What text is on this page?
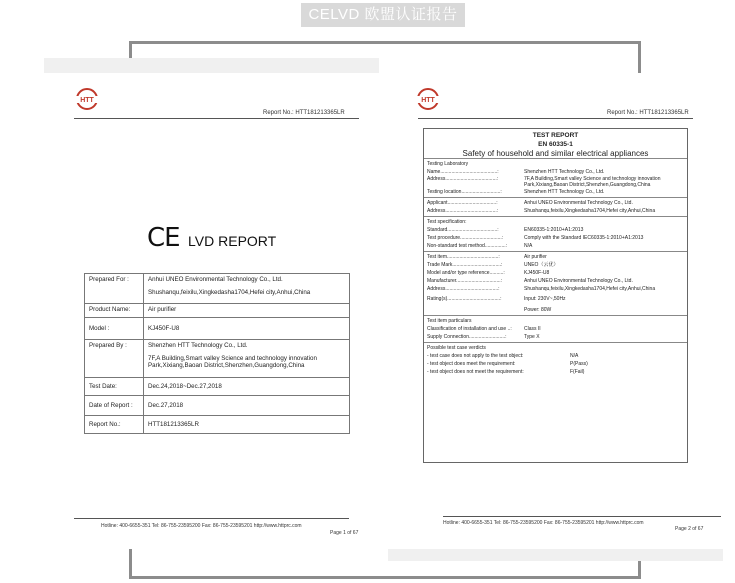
CELVD 欧盟认证报告
HTT
Report No.: HTT181213365LR
CE LVD REPORT
Prepared For :	Anhui UNEO Environmental Technology Co., Ltd.
Shushanqu,feixilu,Xingkedasha1704,Hefei city,Anhui,China

Product Name:	Air purifier
Model :	KJ450F-U8
Prepared By :	Shenzhen HTT Technology Co., Ltd.
7F,A Building,Smart valley Science and technology innovation Park,Xixiang,Baoan District,Shenzhen,Guangdong,China

Test Date:	Dec.24,2018~Dec.27,2018
Date of Report :	Dec.27,2018
Report No.:	HTT181213365LR
Hotline: 400-6655-351 Tel: 86-755-23595200 Fax: 86-755-23595201 http://www.httprc.com
Page 1 of 67
HTT
Report No.: HTT181213365LR
TEST REPORT
EN 60335-1
Safety of household and similar electrical appliances
Testing Laboratory
Name.........................................:	Shenzhen HTT Technology Co., Ltd.
Address.....................................:	7F,A Building,Smart valley Science and technology innovation Park,Xixiang,Baoan District,Shenzhen,Guangdong,China
Testing location............................:	Shenzhen HTT Technology Co., Ltd.
Applicant...................................:	Anhui UNEO Environmental Technology Co., Ltd.
Address.....................................:	Shushanqu,feixilu,Xingkedasha1704,Hefei city,Anhui,China
Test specification:
Standard....................................:	EN60335-1:2010+A1:2013
Test procedure..............................:	Comply with the Standard IEC60335-1:2010+A1:2013
Non-standard test method...............:	N/A
Test item.....................................:	Air purifier
Trade Mark...................................:	UNEO（云优）
Model and/or type reference..........:	KJ450F-U8
Manufacturer................................:	Anhui UNEO Environmental Technology Co., Ltd.
Address......................................:	Shushanqu,feixilu,Xingkedasha1704,Hefei city,Anhui,China
Rating(s)......................................:	Input: 230V~,50Hz
Power: 80W
Test item particulars
Classification of installation and use ..:	Class II
Supply Connection..........................:	Type X
Possible test case verdicts
- test case does not apply to the test object:	N/A
- test object does meet the requirement:	P(Pass)
- test object does not meet the requirement:	F(Fail)
Hotline: 400-6655-351 Tel: 86-755-23595200 Fax: 86-755-23595201 http://www.httprc.com
Page 2 of 67
